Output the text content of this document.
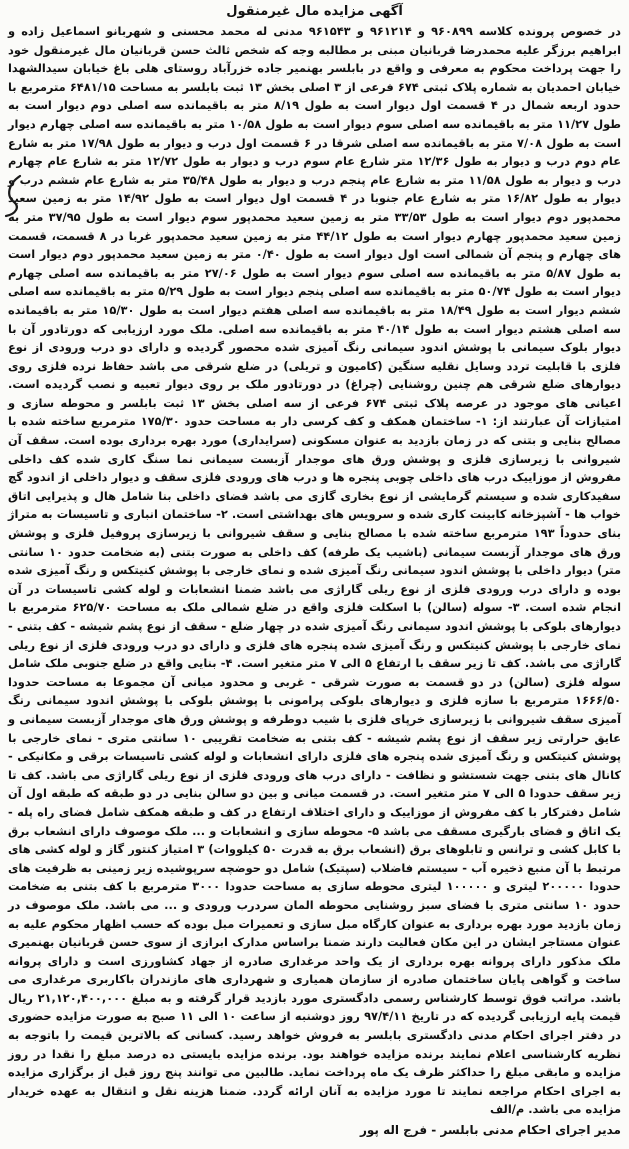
آگهی مزایده مال غیرمنقول

در خصوص پرونده کلاسه ۹۶۰۸۹۹ و ۹۶۱۲۱۴ و ۹۶۱۵۴۳ مدنی له محمد محسنی و شهربانو اسماعیل زاده و ابراهیم برزگر علیه محمدرضا قربانیان مبنی بر مطالبه وجه که شخص ثالث حسن قربانیان مال غیرمنقول خود را جهت پرداخت محکوم به معرفی و واقع در بابلسر بهنمیر جاده خزرآباد روستای هلی باغ خیابان سیدالشهدا خیابان احمدیان به شماره پلاک ثبتی ۶۷۴ فرعی از ۳ اصلی بخش ۱۳ ثبت بابلسر به مساحت ۶۴۸۱/۱۵ مترمربع با حدود اربعه شمال در ۴ قسمت اول دیوار است به طول ۸/۱۹ متر به باقیمانده سه اصلی دوم دیوار است به طول ۱۱/۲۷ متر به باقیمانده سه اصلی سوم دیوار است به طول ۱۰/۵۸ متر به باقیمانده سه اصلی چهارم دیوار است به طول ۷/۰۸ متر به باقیمانده سه اصلی شرقا در ۶ قسمت اول درب و دیوار به طول ۱۷/۹۸ متر به شارع عام دوم درب و دیوار به طول ۱۲/۳۶ متر شارع عام سوم درب و دیوار به طول ۱۲/۷۲ متر به شارع عام چهارم درب و دیوار به طول ۱۱/۵۸ متر به شارع عام پنجم درب و دیوار به طول ۳۵/۴۸ متر به شارع عام ششم درب و دیوار به طول ۱۶/۸۲ متر به شارع عام جنوبا در ۴ قسمت اول دیوار است به طول ۱۴/۹۲ متر به زمین سعید محمدپور دوم دیوار است به طول ۳۳/۵۳ متر به زمین سعید محمدپور سوم دیوار است به طول ۳۷/۹۵ متر به زمین سعید محمدپور چهارم دیوار است به طول ۴۴/۱۲ متر به زمین سعید محمدپور غربا در ۸ قسمت، قسمت های چهارم و پنجم آن شمالی است اول دیوار است به طول ۰/۴۰ متر به زمین سعید محمدپور دوم دیوار است به طول ۵/۸۷ متر به باقیمانده سه اصلی سوم دیوار است به طول ۲۷/۰۶ متر به باقیمانده سه اصلی چهارم دیوار است به طول ۵۰/۷۴ متر به باقیمانده سه اصلی پنجم دیوار است به طول ۵/۲۹ متر به باقیمانده سه اصلی ششم دیوار است به طول ۱۸/۴۹ متر به باقیمانده سه اصلی هفتم دیوار است به طول ۱۵/۳۰ متر به باقیمانده سه اصلی هشتم دیوار است به طول ۴۰/۱۴ متر به باقیمانده سه اصلی. ملک مورد ارزیابی که دورتادور آن با دیوار بلوک سیمانی با پوشش اندود سیمانی رنگ آمیزی شده محصور گردیده و دارای دو درب ورودی از نوع فلزی با قابلیت تردد وسایل نقلیه سنگین (کامیون و تریلی) در ضلع شرقی می باشد حفاظ نرده فلزی روی دیوارهای ضلع شرقی هم چنین روشنایی (چراغ) در دورتادور ملک بر روی دیوار تعبیه و نصب گردیده است. اعیانی های موجود در عرصه پلاک ثبتی ۶۷۴ فرعی از سه اصلی بخش ۱۳ ثبت بابلسر و محوطه سازی و امتیازات آن عبارتند از: ۱- ساختمان همکف و کف کرسی دار به مساحت حدود ۱۷۵/۳۰ مترمربع ساخته شده با مصالح بنایی و بتنی که در زمان بازدید به عنوان مسکونی (سرایداری) مورد بهره برداری بوده است. سقف آن شیروانی با زیرسازی فلزی و پوشش ورق های موجدار آزبست سیمانی نما سنگ کاری شده کف داخلی مفروش از موزاییک درب های داخلی چوبی پنجره ها و درب های ورودی فلزی سقف و دیوار داخلی از اندود گچ سفیدکاری شده و سیستم گرمایشی از نوع بخاری گازی می باشد فضای داخلی بنا شامل هال و پذیرایی اتاق خواب ها - آشپزخانه کابینت کاری شده و سرویس های بهداشتی است. ۲- ساختمان انباری و تاسیسات به متراژ بنای حدوداً ۱۹۳ مترمربع ساخته شده با مصالح بنایی و سقف شیروانی با زیرسازی پروفیل فلزی و پوشش ورق های موجدار آزبست سیمانی (باشیب یک طرفه) کف داخلی به صورت بتنی (به ضخامت حدود ۱۰ سانتی متر) دیوار داخلی با پوشش اندود سیمانی رنگ آمیزی شده و نمای خارجی با پوشش کنیتکس و رنگ آمیزی شده بوده و دارای درب ورودی فلزی از نوع ریلی گاراژی می باشد ضمنا انشعابات و لوله کشی تاسیسات در آن انجام شده است. ۳- سوله (سالن) با اسکلت فلزی واقع در ضلع شمالی ملک به مساحت ۶۲۵/۷۰ مترمربع با دیوارهای بلوکی با پوشش اندود سیمانی رنگ آمیزی شده در چهار ضلع - سقف از نوع پشم شیشه - کف بتنی - نمای خارجی با پوشش کنیتکس و رنگ آمیزی شده پنجره های فلزی و دارای دو درب ورودی فلزی از نوع ریلی گاراژی می باشد. کف تا زیر سقف با ارتفاع ۵ الی ۷ متر متغیر است. ۴- بنایی واقع در ضلع جنوبی ملک شامل سوله فلزی (سالن) در دو قسمت به صورت شرقی - غربی و محدود میانی آن مجموعا به مساحت حدودا ۱۶۶۶/۵۰ مترمربع با سازه فلزی و دیوارهای بلوکی پرامونی با پوشش بلوکی با پوشش اندود سیمانی رنگ آمیزی سقف شیروانی با زیرسازی خرپای فلزی با شیب دوطرفه و پوشش ورق های موجدار آزبست سیمانی و عایق حرارتی زیر سقف از نوع پشم شیشه - کف بتنی به ضخامت تقریبی ۱۰ سانتی متری - نمای خارجی با پوشش کنیتکس و رنگ آمیزی شده پنجره های فلزی دارای انشعابات و لوله کشی تاسیسات برقی و مکانیکی - کانال های بتنی جهت شستشو و نظافت - دارای درب های ورودی فلزی از نوع ریلی گاراژی می باشد. کف تا زیر سقف حدودا ۵ الی ۷ متر متغیر است. در قسمت میانی و بین دو سالن بنایی در دو طبقه که طبقه اول آن شامل دفترکار با کف مفروش از موزاییک و دارای اختلاف ارتفاع در کف و طبقه همکف شامل فضای راه پله - یک اتاق و فضای بارگیری مسقف می باشد ۵- محوطه سازی و انشعابات و ... ملک موصوف دارای انشعاب برق با کابل کشی و ترانس و تابلوهای برق (انشعاب برق به قدرت ۵۰ کیلووات) ۳ امتیاز کنتور گاز و لوله کشی های مرتبط با آن منبع ذخیره آب - سیستم فاضلاب (سپتیک) شامل دو حوضچه سرپوشیده زیر زمینی به ظرفیت های حدودا ۲۰۰۰۰۰ لیتری و ۱۰۰۰۰۰ لیتری محوطه سازی به مساحت حدودا ۳۰۰۰ مترمربع با کف بتنی به ضخامت حدود ۱۰ سانتی متری با فضای سبز روشنایی محوطه المان سردرب ورودی و ... می باشد. ملک موصوف در زمان بازدید مورد بهره برداری به عنوان کارگاه مبل سازی و تعمیرات مبل بوده که حسب اظهار محکوم علیه به عنوان مستاجر ایشان در این مکان فعالیت دارند ضمنا براساس مدارک ابرازی از سوی حسن قربانیان بهنمیری ملک مذکور دارای پروانه بهره برداری از یک واحد مرغداری صادره از جهاد کشاورزی است و دارای پروانه ساخت و گواهی پایان ساختمان صادره از سازمان همیاری و شهرداری های مازندران باکاربری مرغداری می باشد. مراتب فوق توسط کارشناس رسمی دادگستری مورد بازدید قرار گرفته و به مبلغ ۲۱,۱۲۰,۴۰۰,۰۰۰ ریال قیمت پایه ارزیابی گردیده که در تاریخ ۹۷/۴/۱۱ روز دوشنبه از ساعت ۱۰ الی ۱۱ صبح به صورت مزایده حضوری در دفتر اجرای احکام مدنی دادگستری بابلسر به فروش خواهد رسید. کسانی که بالاترین قیمت را باتوجه به نظریه کارشناسی اعلام نمایند برنده مزایده خواهند بود. برنده مزایده بایستی ده درصد مبلغ را نقدا در روز مزایده و مابقی مبلغ را حداکثر ظرف یک ماه پرداخت نماید. طالبین می توانند پنج روز قبل از برگزاری مزایده به اجرای احکام مراجعه نمایند تا مورد مزایده به آنان ارائه گردد. ضمنا هزینه نقل و انتقال به عهده خریدار مزایده می باشد. م/الف

مدیر اجرای احکام مدنی بابلسر - فرج اله پور
